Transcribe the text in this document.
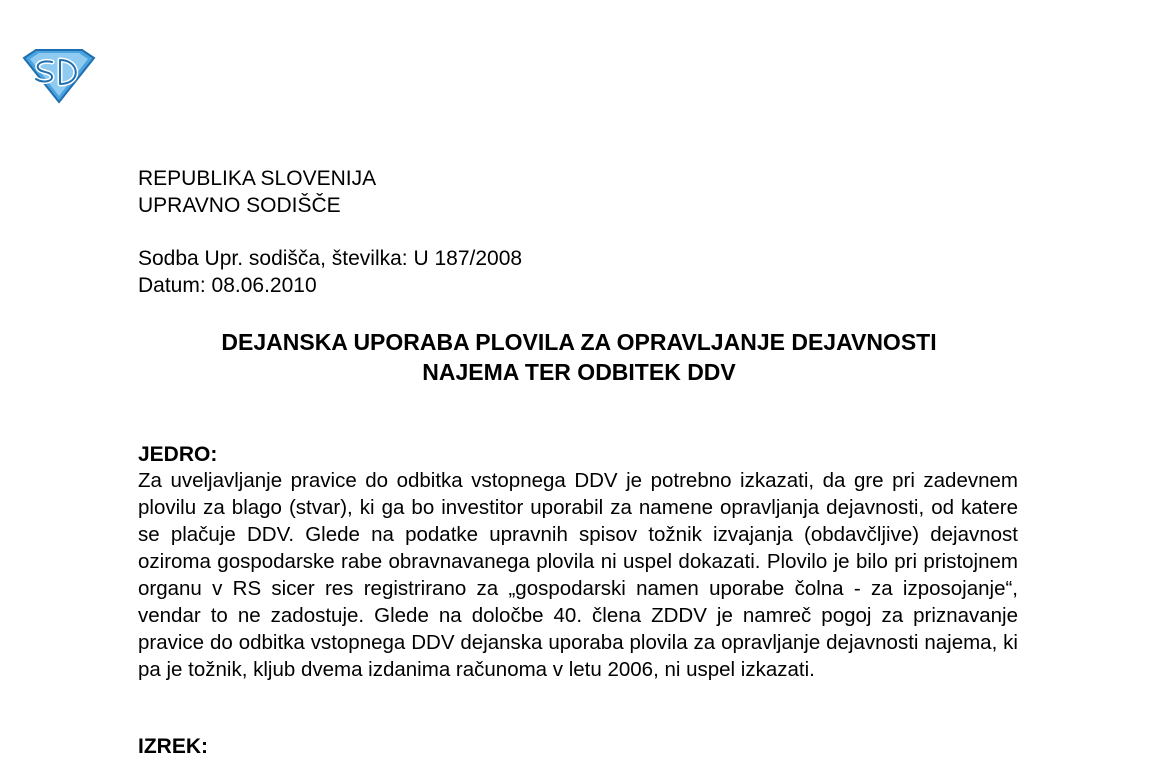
REPUBLIKA SLOVENIJA
UPRAVNO SODIŠČE
Sodba Upr. sodišča, številka: U 187/2008
Datum: 08.06.2010
DEJANSKA UPORABA PLOVILA ZA OPRAVLJANJE DEJAVNOSTI
NAJEMA TER ODBITEK DDV
JEDRO:
Za uveljavljanje pravice do odbitka vstopnega DDV je potrebno izkazati, da gre pri zadevnem plovilu za blago (stvar), ki ga bo investitor uporabil za namene opravljanja dejavnosti, od katere se plačuje DDV. Glede na podatke upravnih spisov tožnik izvajanja (obdavčljive) dejavnost oziroma gospodarske rabe obravnavanega plovila ni uspel dokazati. Plovilo je bilo pri pristojnem organu v RS sicer res registrirano za „gospodarski namen uporabe čolna - za izposojanje“, vendar to ne zadostuje. Glede na določbe 40. člena ZDDV je namreč pogoj za priznavanje pravice do odbitka vstopnega DDV dejanska uporaba plovila za opravljanje dejavnosti najema, ki pa je tožnik, kljub dvema izdanima računoma v letu 2006, ni uspel izkazati.
IZREK:
